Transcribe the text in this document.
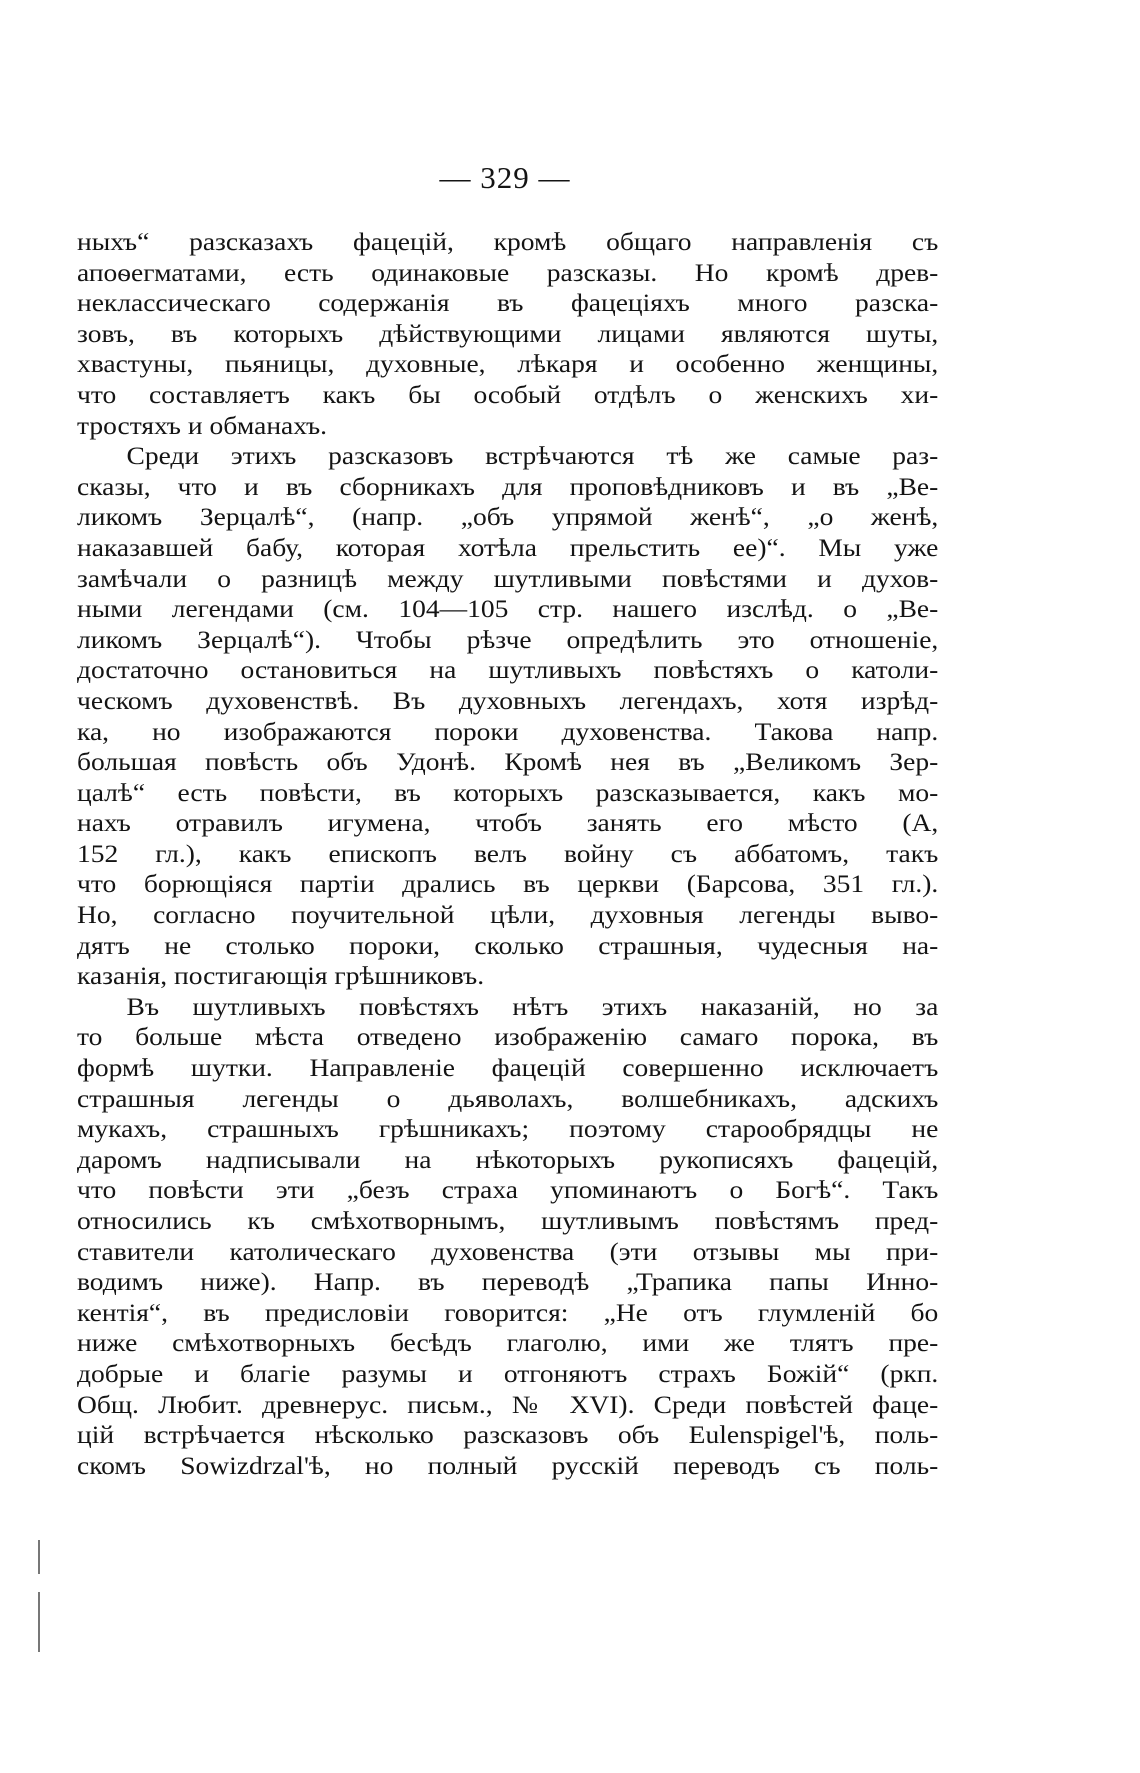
— 329 —
ныхъ“ разсказахъ фацецій, кромѣ общаго направленія съ
апоѳегматами, есть одинаковые разсказы. Но кромѣ древ-
неклассическаго содержанія въ фацеціяхъ много разска-
зовъ, въ которыхъ дѣйствующими лицами являются шуты,
хвастуны, пьяницы, духовные, лѣкаря и особенно женщины,
что составляетъ какъ бы особый отдѣлъ о женскихъ хи-
тростяхъ и обманахъ.
Среди этихъ разсказовъ встрѣчаются тѣ же самые раз-
сказы, что и въ сборникахъ для проповѣдниковъ и въ „Ве-
ликомъ Зерцалѣ“, (напр. „объ упрямой женѣ“, „о женѣ,
наказавшей бабу, которая хотѣла прельстить ее)“. Мы уже
замѣчали о разницѣ между шутливыми повѣстями и духов-
ными легендами (см. 104—105 стр. нашего изслѣд. о „Ве-
ликомъ Зерцалѣ“). Чтобы рѣзче опредѣлить это отношеніе,
достаточно остановиться на шутливыхъ повѣстяхъ о католи-
ческомъ духовенствѣ. Въ духовныхъ легендахъ, хотя изрѣд-
ка, но изображаются пороки духовенства. Такова напр.
большая повѣсть объ Удонѣ. Кромѣ нея въ „Великомъ Зер-
цалѣ“ есть повѣсти, въ которыхъ разсказывается, какъ мо-
нахъ отравилъ игумена, чтобъ занять его мѣсто (А,
152 гл.), какъ епископъ велъ войну съ аббатомъ, такъ
что борющіяся партіи дрались въ церкви (Барсова, 351 гл.).
Но, согласно поучительной цѣли, духовныя легенды выво-
дятъ не столько пороки, сколько страшныя, чудесныя на-
казанія, постигающія грѣшниковъ.
Въ шутливыхъ повѣстяхъ нѣтъ этихъ наказаній, но за
то больше мѣста отведено изображенію самаго порока, въ
формѣ шутки. Направленіе фацецій совершенно исключаетъ
страшныя легенды о дьяволахъ, волшебникахъ, адскихъ
мукахъ, страшныхъ грѣшникахъ; поэтому старообрядцы не
даромъ надписывали на нѣкоторыхъ рукописяхъ фацецій,
что повѣсти эти „безъ страха упоминаютъ о Богѣ“. Такъ
относились къ смѣхотворнымъ, шутливымъ повѣстямъ пред-
ставители католическаго духовенства (эти отзывы мы при-
водимъ ниже). Напр. въ переводѣ „Трапика папы Инно-
кентія“, въ предисловіи говорится: „Не отъ глумленій бо
ниже смѣхотворныхъ бесѣдъ глаголю, ими же тлятъ пре-
добрые и благіе разумы и отгоняютъ страхъ Божій“ (ркп.
Общ. Любит. древнерус. письм., № XVI). Среди повѣстей фаце-
цій встрѣчается нѣсколько разсказовъ объ Eulenspigel'ѣ, поль-
скомъ Sowizdrzal'ѣ, но полный русскій переводъ съ поль-
